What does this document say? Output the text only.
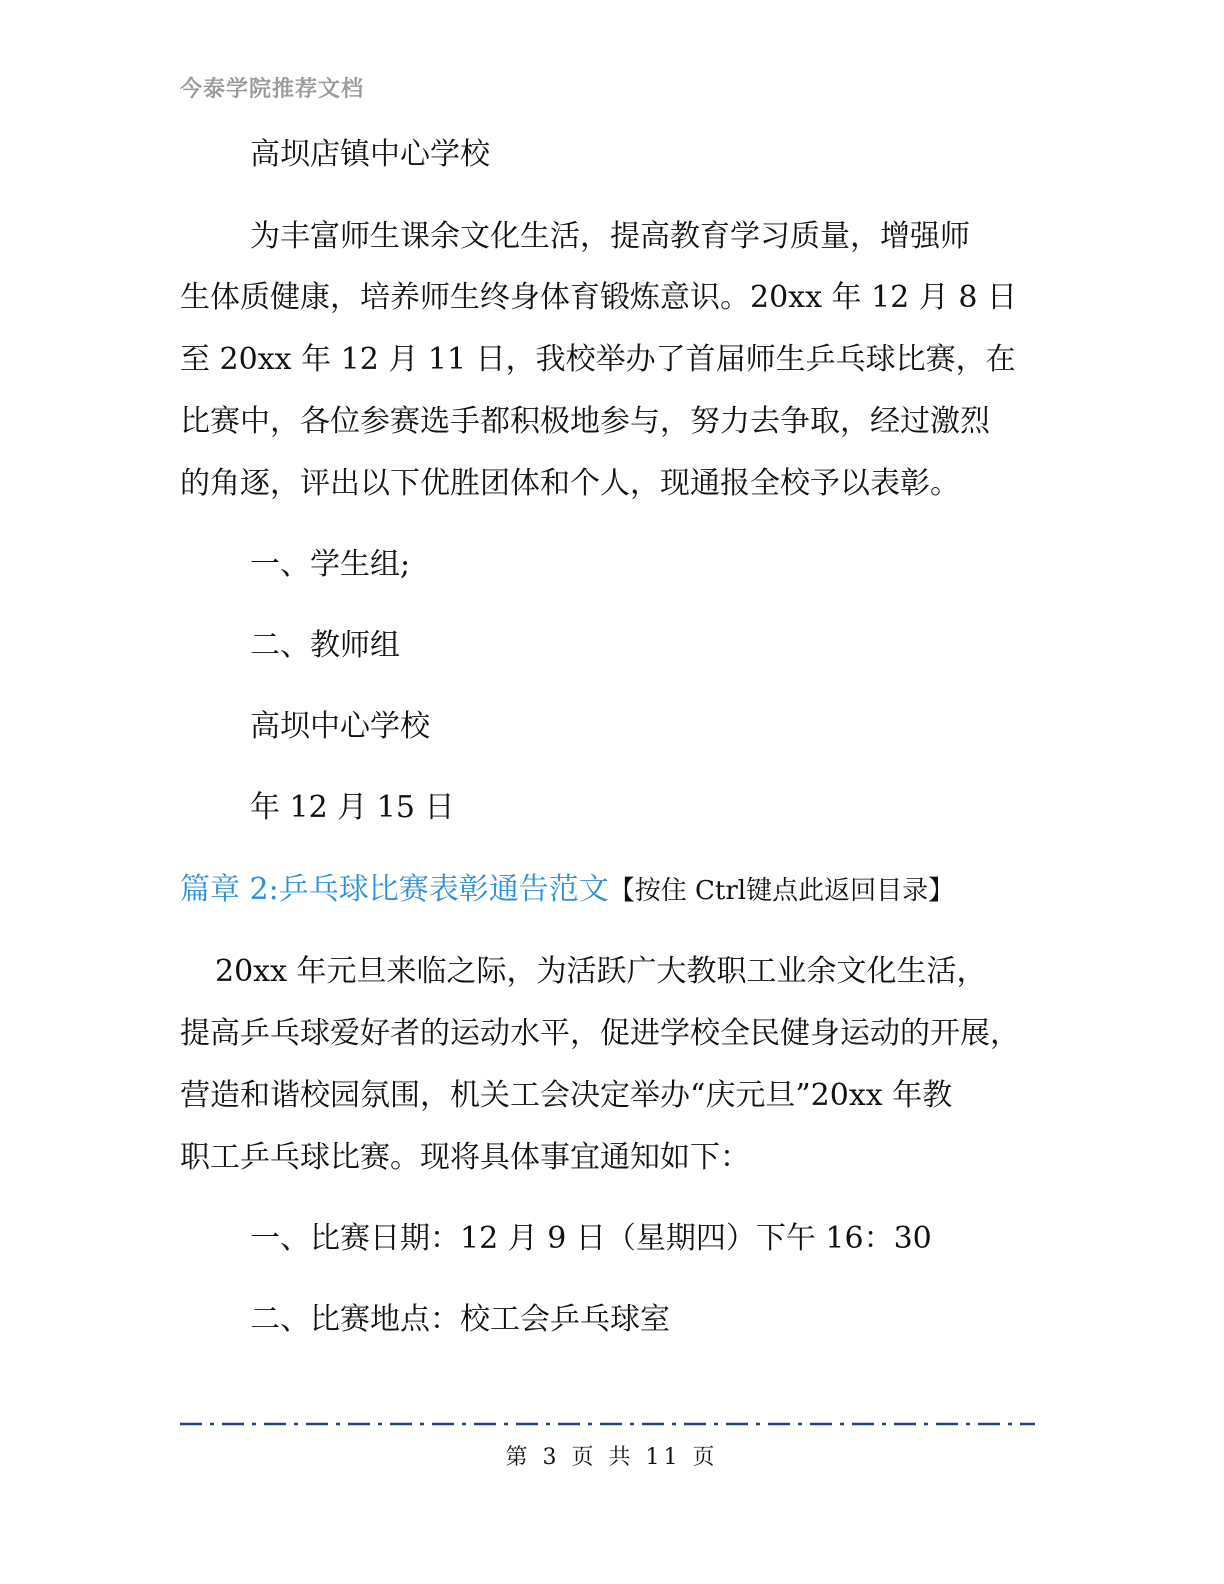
今泰学院推荐文档
高坝店镇中心学校
为丰富师生课余文化生活，提高教育学习质量，增强师
生体质健康，培养师生终身体育锻炼意识。20xx 年 12 月 8 日
至 20xx 年 12 月 11 日，我校举办了首届师生乒乓球比赛，在
比赛中，各位参赛选手都积极地参与，努力去争取，经过激烈
的角逐，评出以下优胜团体和个人，现通报全校予以表彰。
一、学生组;
二、教师组
高坝中心学校
年 12 月 15 日
篇章 2:乒乓球比赛表彰通告范文【按住 Ctrl键点此返回目录】
20xx 年元旦来临之际，为活跃广大教职工业余文化生活，
提高乒乓球爱好者的运动水平，促进学校全民健身运动的开展，
营造和谐校园氛围，机关工会决定举办“庆元旦”20xx 年教
职工乒乓球比赛。现将具体事宜通知如下：
一、比赛日期：12 月 9 日（星期四）下午 16：30
二、比赛地点：校工会乒乓球室
第 3 页 共 11 页
